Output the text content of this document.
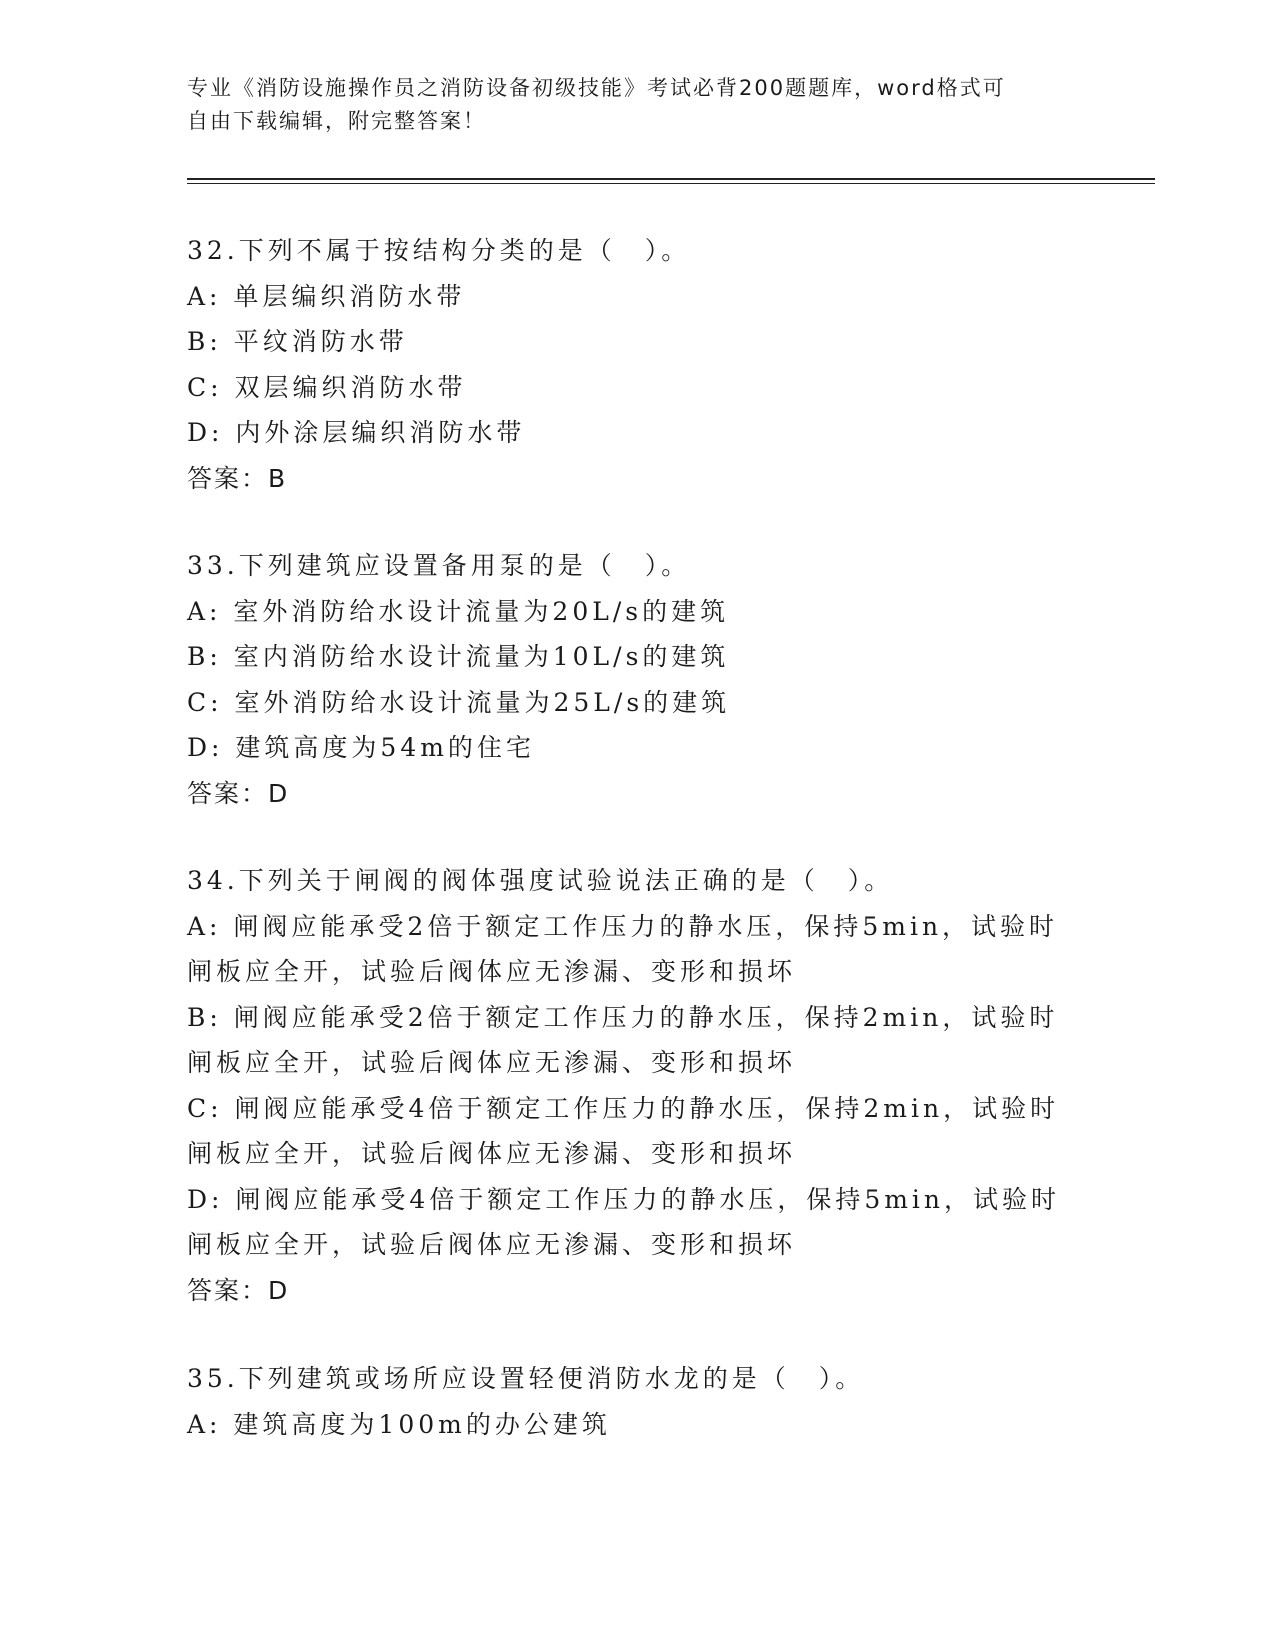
专业《消防设施操作员之消防设备初级技能》考试必背200题题库，word格式可
自由下载编辑，附完整答案！
32.下列不属于按结构分类的是（　）。
A: 单层编织消防水带
B: 平纹消防水带
C: 双层编织消防水带
D: 内外涂层编织消防水带
答案：B
33.下列建筑应设置备用泵的是（　）。
A: 室外消防给水设计流量为20L/s的建筑
B: 室内消防给水设计流量为10L/s的建筑
C: 室外消防给水设计流量为25L/s的建筑
D: 建筑高度为54m的住宅
答案：D
34.下列关于闸阀的阀体强度试验说法正确的是（　）。
A: 闸阀应能承受2倍于额定工作压力的静水压，保持5min，试验时闸板应全开，试验后阀体应无渗漏、变形和损坏
B: 闸阀应能承受2倍于额定工作压力的静水压，保持2min，试验时闸板应全开，试验后阀体应无渗漏、变形和损坏
C: 闸阀应能承受4倍于额定工作压力的静水压，保持2min，试验时闸板应全开，试验后阀体应无渗漏、变形和损坏
D: 闸阀应能承受4倍于额定工作压力的静水压，保持5min，试验时闸板应全开，试验后阀体应无渗漏、变形和损坏
答案：D
35.下列建筑或场所应设置轻便消防水龙的是（　）。
A: 建筑高度为100m的办公建筑
